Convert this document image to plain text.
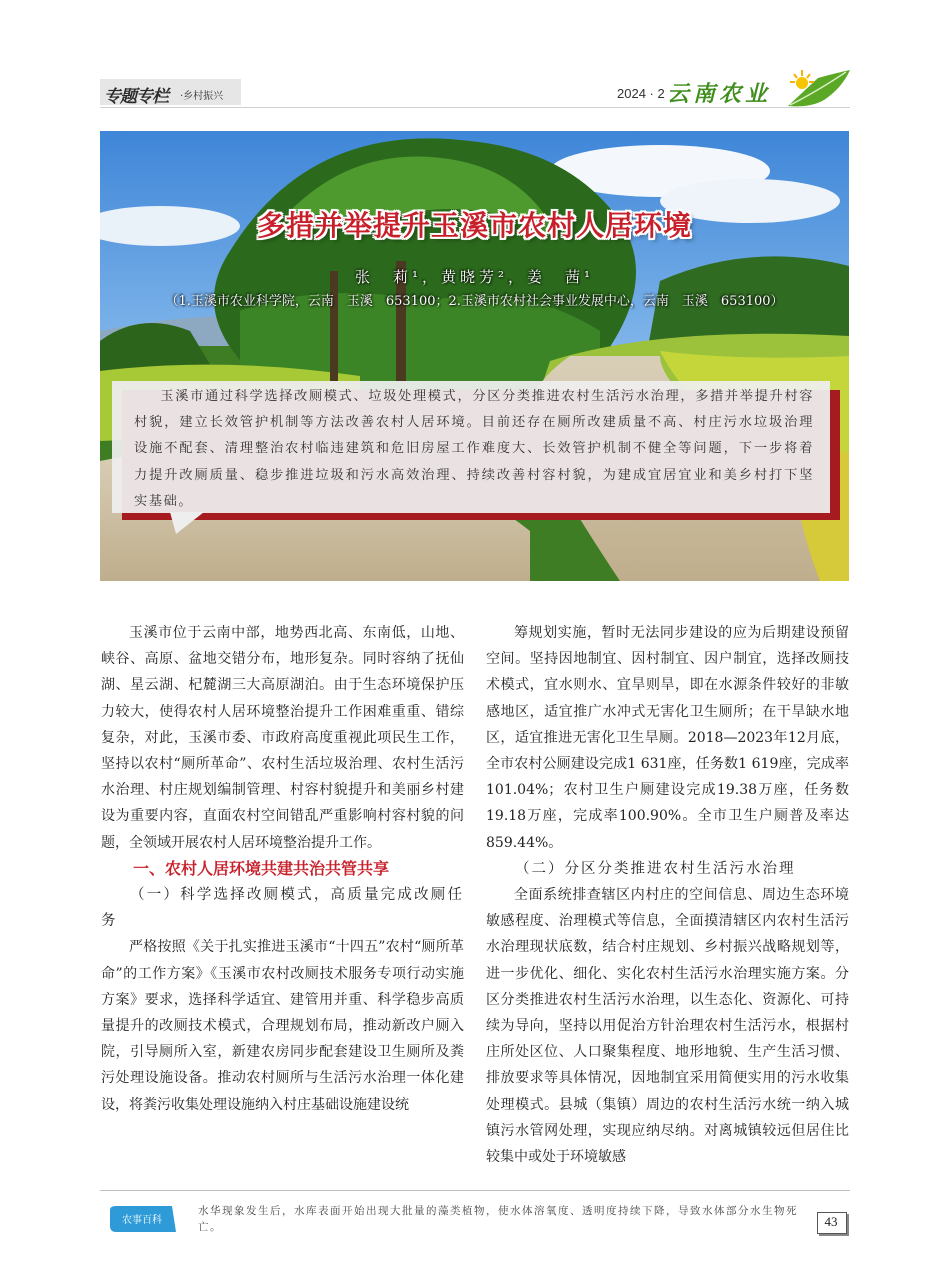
专题专栏 ·乡村振兴	2024 · 2 云南农业
多措并举提升玉溪市农村人居环境
张　莉¹，黄晓芳²，姜　茜¹
（1.玉溪市农业科学院，云南　玉溪　653100；2.玉溪市农村社会事业发展中心，云南　玉溪　653100）
玉溪市通过科学选择改厕模式、垃圾处理模式，分区分类推进农村生活污水治理，多措并举提升村容村貌，建立长效管护机制等方法改善农村人居环境。目前还存在厕所改建质量不高、村庄污水垃圾治理设施不配套、清理整治农村临违建筑和危旧房屋工作难度大、长效管护机制不健全等问题，下一步将着力提升改厕质量、稳步推进垃圾和污水高效治理、持续改善村容村貌，为建成宜居宜业和美乡村打下坚实基础。

玉溪市位于云南中部，地势西北高、东南低，山地、峡谷、高原、盆地交错分布，地形复杂。同时容纳了抚仙湖、星云湖、杞麓湖三大高原湖泊。由于生态环境保护压力较大，使得农村人居环境整治提升工作困难重重、错综复杂，对此，玉溪市委、市政府高度重视此项民生工作，坚持以农村“厕所革命”、农村生活垃圾治理、农村生活污水治理、村庄规划编制管理、村容村貌提升和美丽乡村建设为重要内容，直面农村空间错乱严重影响村容村貌的问题，全领域开展农村人居环境整治提升工作。

一、农村人居环境共建共治共管共享

（一）科学选择改厕模式，高质量完成改厕任务

严格按照《关于扎实推进玉溪市“十四五”农村“厕所革命”的工作方案》《玉溪市农村改厕技术服务专项行动实施方案》要求，选择科学适宜、建管用并重、科学稳步高质量提升的改厕技术模式，合理规划布局，推动新改户厕入院，引导厕所入室，新建农房同步配套建设卫生厕所及粪污处理设施设备。推动农村厕所与生活污水治理一体化建设，将粪污收集处理设施纳入村庄基础设施建设统

筹规划实施，暂时无法同步建设的应为后期建设预留空间。坚持因地制宜、因村制宜、因户制宜，选择改厕技术模式，宜水则水、宜旱则旱，即在水源条件较好的非敏感地区，适宜推广水冲式无害化卫生厕所；在干旱缺水地区，适宜推进无害化卫生旱厕。2018—2023年12月底，全市农村公厕建设完成1 631座，任务数1 619座，完成率101.04%；农村卫生户厕建设完成19.38万座，任务数19.18万座，完成率100.90%。全市卫生户厕普及率达859.44%。

（二）分区分类推进农村生活污水治理

全面系统排查辖区内村庄的空间信息、周边生态环境敏感程度、治理模式等信息，全面摸清辖区内农村生活污水治理现状底数，结合村庄规划、乡村振兴战略规划等，进一步优化、细化、实化农村生活污水治理实施方案。分区分类推进农村生活污水治理，以生态化、资源化、可持续为导向，坚持以用促治方针治理农村生活污水，根据村庄所处区位、人口聚集程度、地形地貌、生产生活习惯、排放要求等具体情况，因地制宜采用简便实用的污水收集处理模式。县城（集镇）周边的农村生活污水统一纳入城镇污水管网处理，实现应纳尽纳。对离城镇较远但居住比较集中或处于环境敏感

农事百科
水华现象发生后，水库表面开始出现大批量的藻类植物，使水体溶氧度、透明度持续下降，导致水体部分水生物死亡。	43
